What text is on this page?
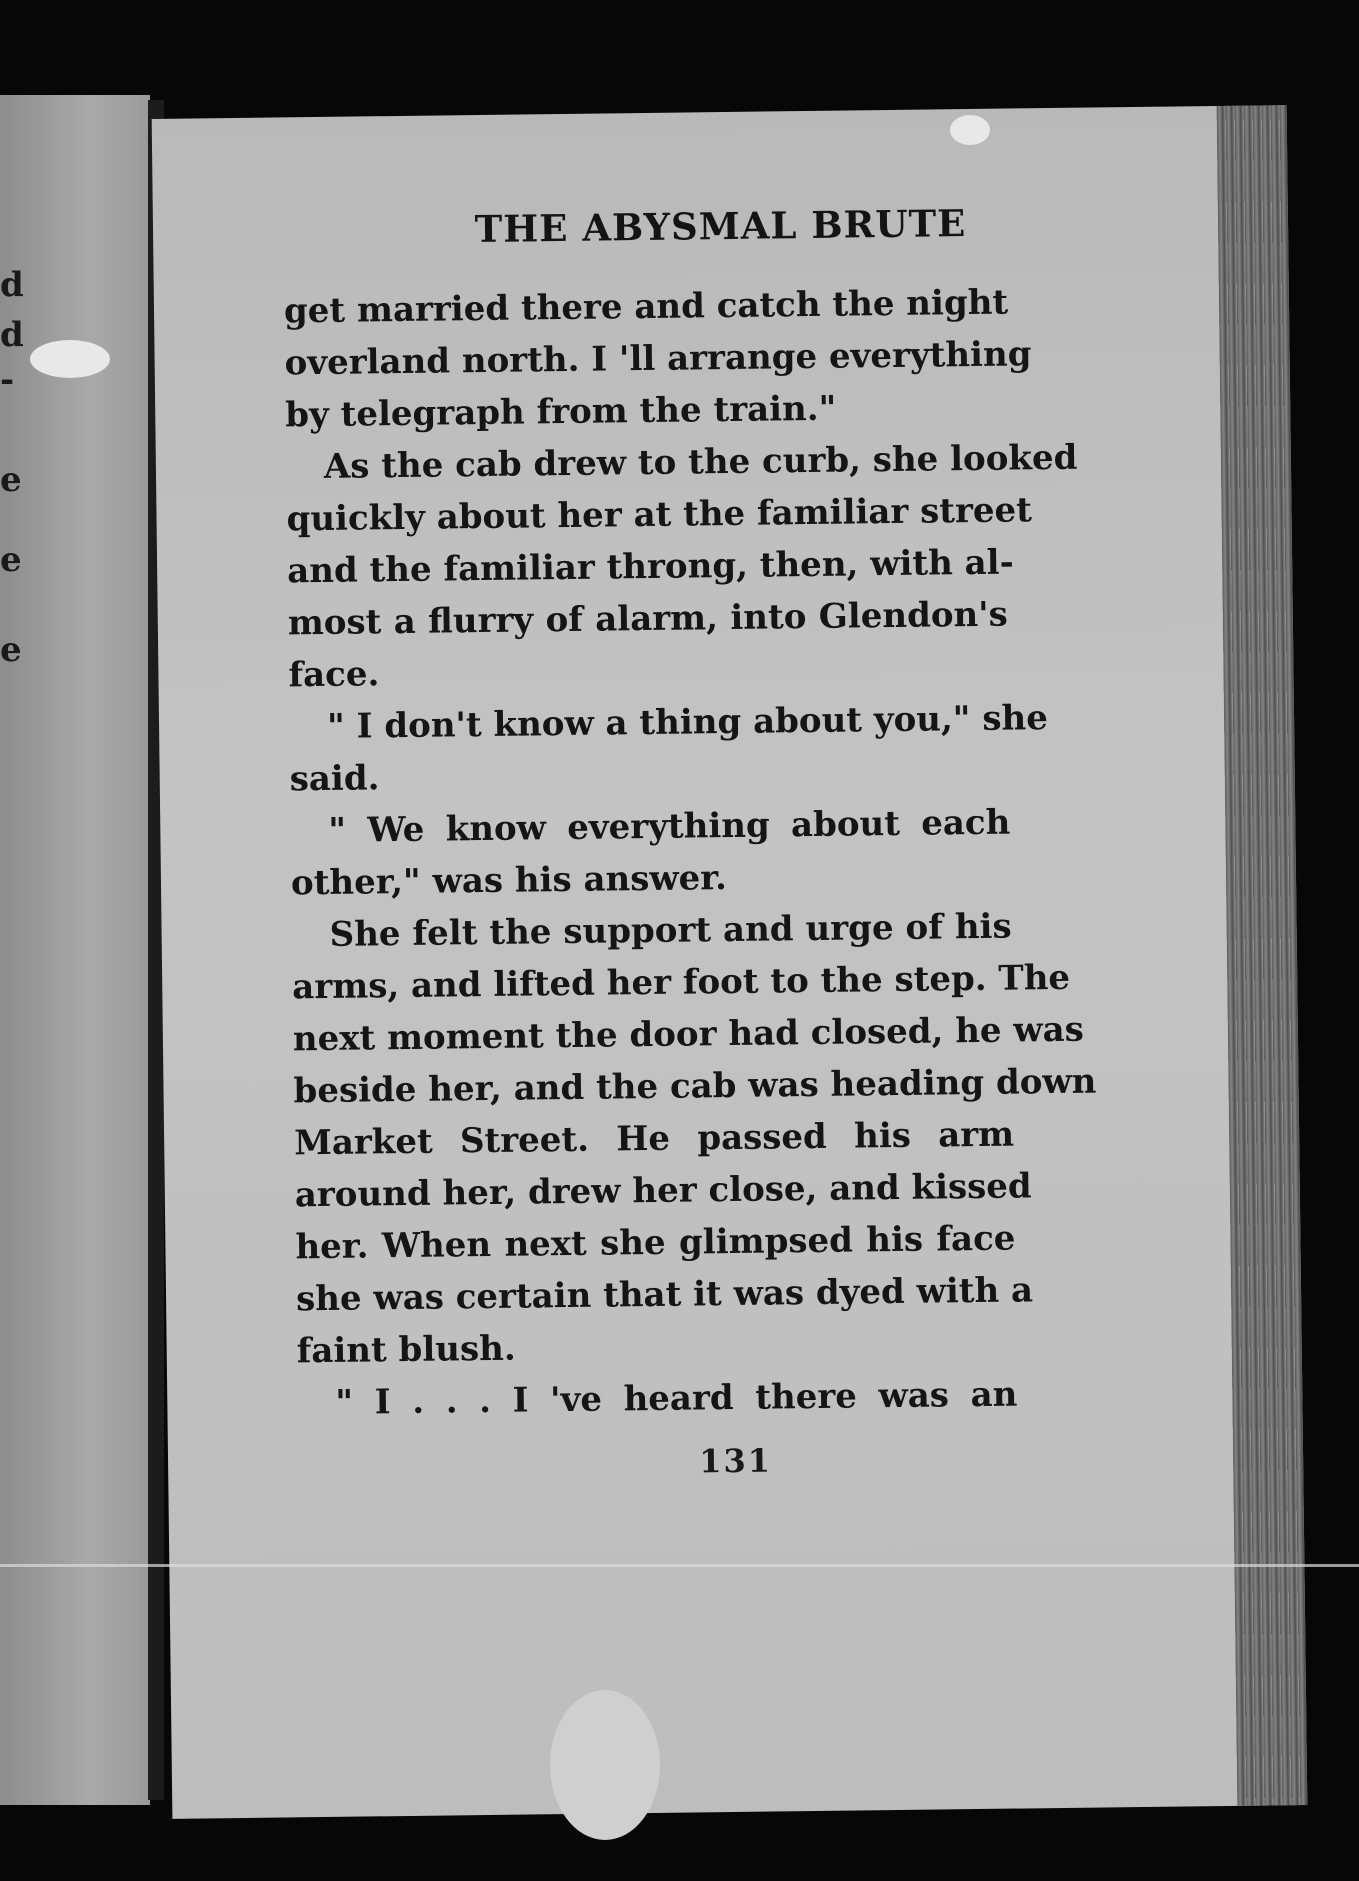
d
d
-
e
e
e
THE ABYSMAL BRUTE
get married there and catch the night
overland north. I 'll arrange everything
by telegraph from the train."
As the cab drew to the curb, she looked
quickly about her at the familiar street
and the familiar throng, then, with al-
most a flurry of alarm, into Glendon's
face.
" I don't know a thing about you," she
said.
" We know everything about each
other," was his answer.
She felt the support and urge of his
arms, and lifted her foot to the step. The
next moment the door had closed, he was
beside her, and the cab was heading down
Market Street. He passed his arm
around her, drew her close, and kissed
her. When next she glimpsed his face
she was certain that it was dyed with a
faint blush.
" I . . . I 've heard there was an
131
